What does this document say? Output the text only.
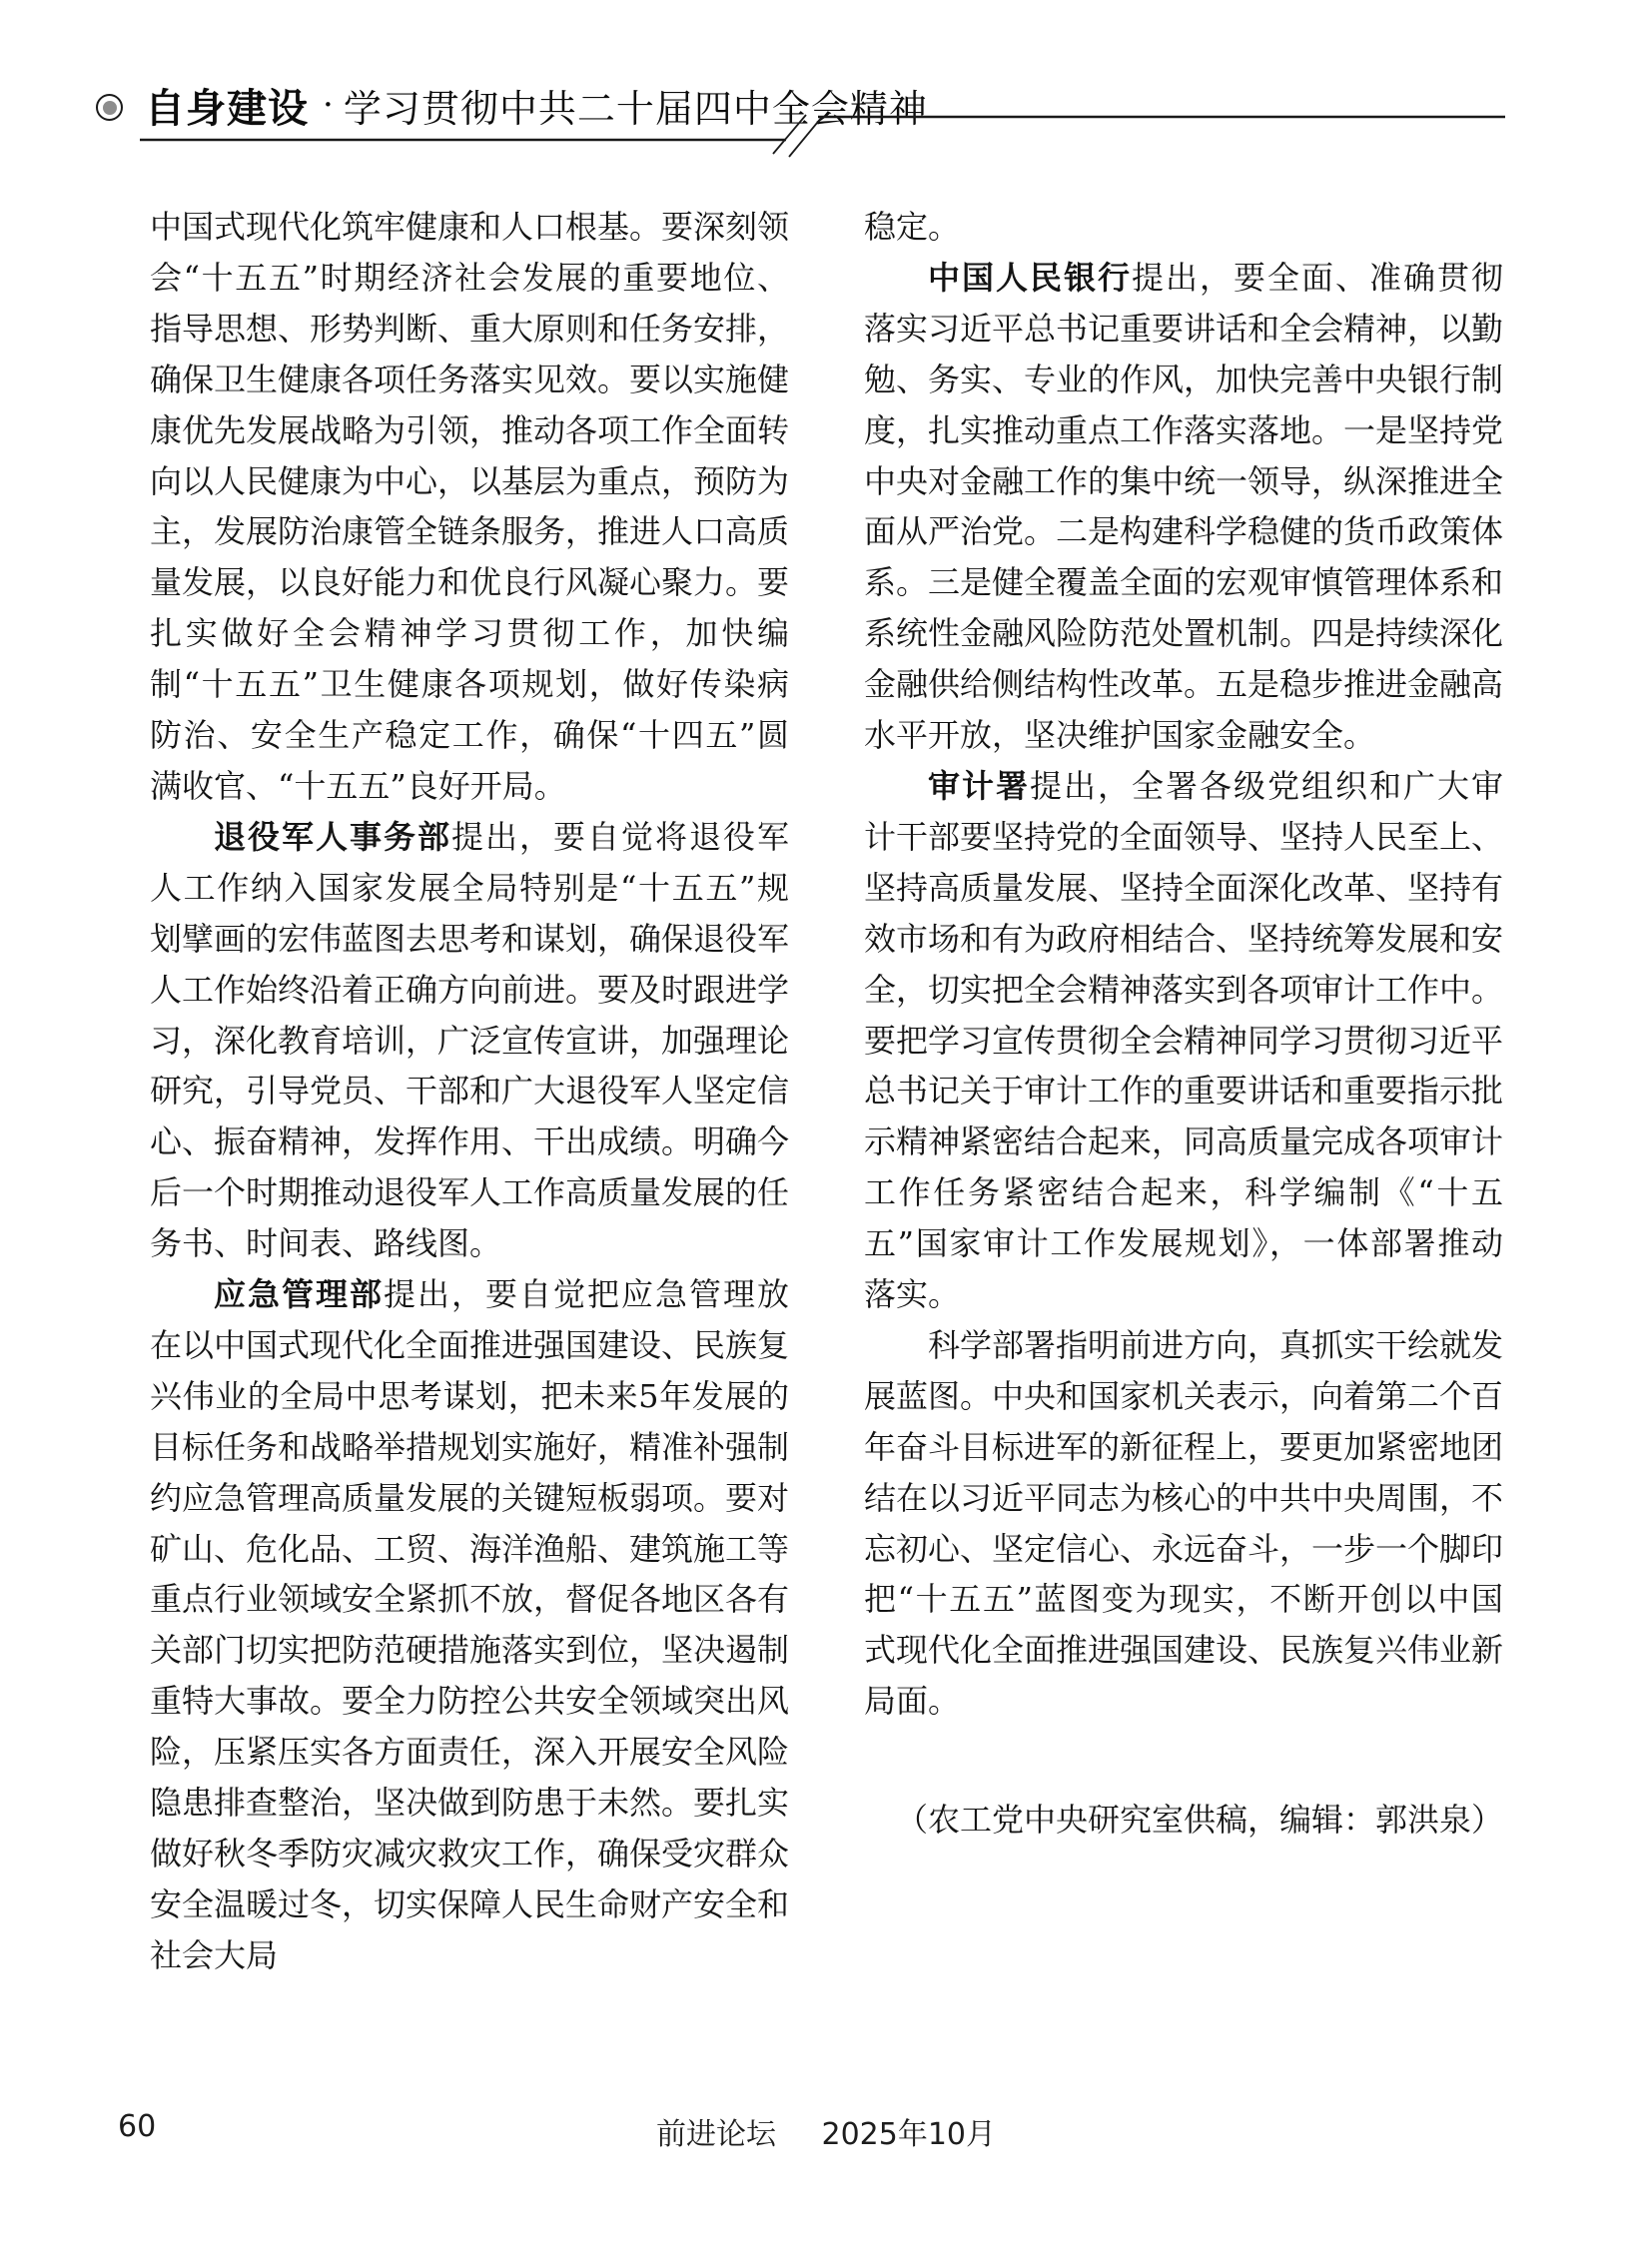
自身建设 · 学习贯彻中共二十届四中全会精神

中国式现代化筑牢健康和人口根基。要深刻领会“十五五”时期经济社会发展的重要地位、指导思想、形势判断、重大原则和任务安排，确保卫生健康各项任务落实见效。要以实施健康优先发展战略为引领，推动各项工作全面转向以人民健康为中心，以基层为重点，预防为主，发展防治康管全链条服务，推进人口高质量发展，以良好能力和优良行风凝心聚力。要扎实做好全会精神学习贯彻工作，加快编制“十五五”卫生健康各项规划，做好传染病防治、安全生产稳定工作，确保“十四五”圆满收官、“十五五”良好开局。

退役军人事务部提出，要自觉将退役军人工作纳入国家发展全局特别是“十五五”规划擘画的宏伟蓝图去思考和谋划，确保退役军人工作始终沿着正确方向前进。要及时跟进学习，深化教育培训，广泛宣传宣讲，加强理论研究，引导党员、干部和广大退役军人坚定信心、振奋精神，发挥作用、干出成绩。明确今后一个时期推动退役军人工作高质量发展的任务书、时间表、路线图。

应急管理部提出，要自觉把应急管理放在以中国式现代化全面推进强国建设、民族复兴伟业的全局中思考谋划，把未来5年发展的目标任务和战略举措规划实施好，精准补强制约应急管理高质量发展的关键短板弱项。要对矿山、危化品、工贸、海洋渔船、建筑施工等重点行业领域安全紧抓不放，督促各地区各有关部门切实把防范硬措施落实到位，坚决遏制重特大事故。要全力防控公共安全领域突出风险，压紧压实各方面责任，深入开展安全风险隐患排查整治，坚决做到防患于未然。要扎实做好秋冬季防灾减灾救灾工作，确保受灾群众安全温暖过冬，切实保障人民生命财产安全和社会大局

稳定。

中国人民银行提出，要全面、准确贯彻落实习近平总书记重要讲话和全会精神，以勤勉、务实、专业的作风，加快完善中央银行制度，扎实推动重点工作落实落地。一是坚持党中央对金融工作的集中统一领导，纵深推进全面从严治党。二是构建科学稳健的货币政策体系。三是健全覆盖全面的宏观审慎管理体系和系统性金融风险防范处置机制。四是持续深化金融供给侧结构性改革。五是稳步推进金融高水平开放，坚决维护国家金融安全。

审计署提出，全署各级党组织和广大审计干部要坚持党的全面领导、坚持人民至上、坚持高质量发展、坚持全面深化改革、坚持有效市场和有为政府相结合、坚持统筹发展和安全，切实把全会精神落实到各项审计工作中。要把学习宣传贯彻全会精神同学习贯彻习近平总书记关于审计工作的重要讲话和重要指示批示精神紧密结合起来，同高质量完成各项审计工作任务紧密结合起来，科学编制《“十五五”国家审计工作发展规划》，一体部署推动落实。

科学部署指明前进方向，真抓实干绘就发展蓝图。中央和国家机关表示，向着第二个百年奋斗目标进军的新征程上，要更加紧密地团结在以习近平同志为核心的中共中央周围，不忘初心、坚定信心、永远奋斗，一步一个脚印把“十五五”蓝图变为现实，不断开创以中国式现代化全面推进强国建设、民族复兴伟业新局面。

（农工党中央研究室供稿，编辑：郭洪泉）

60	前进论坛 2025年10月
